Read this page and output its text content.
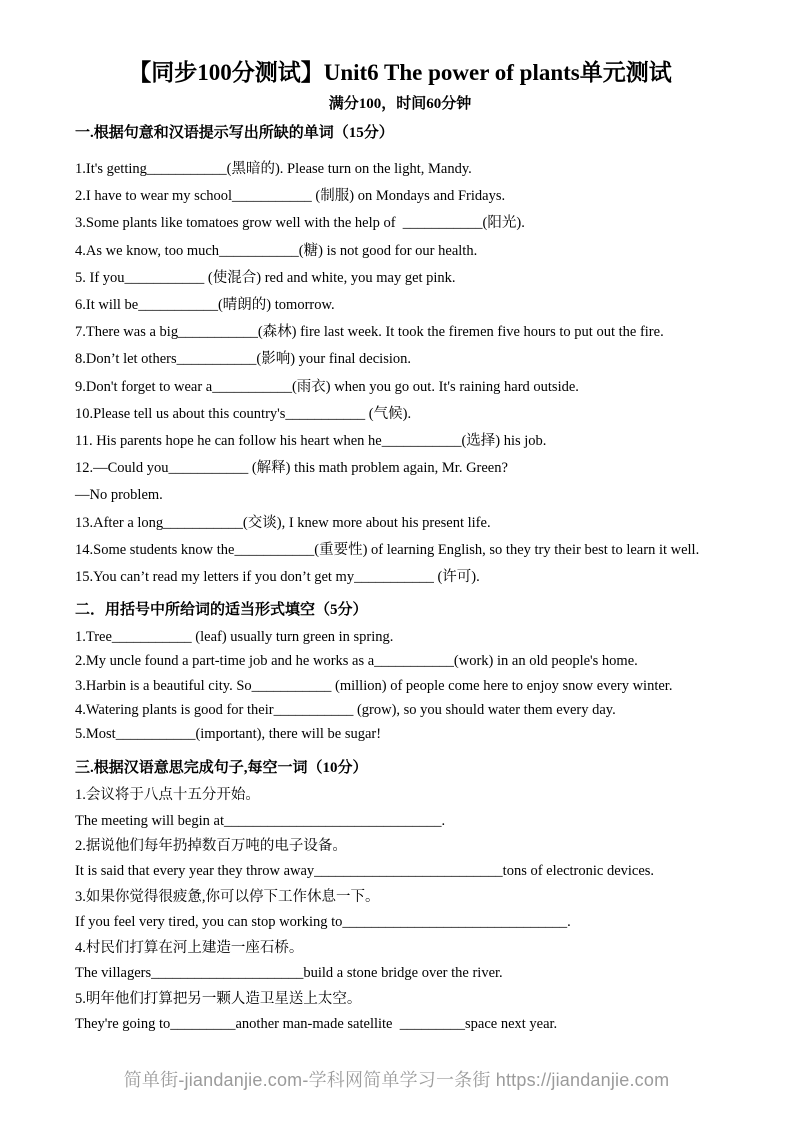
【同步100分测试】Unit6 The power of plants单元测试
满分100，时间60分钟
一.根据句意和汉语提示写出所缺的单词（15分）
1.It's getting___________(黑暗的). Please turn on the light, Mandy.
2.I have to wear my school___________ (制服) on Mondays and Fridays.
3.Some plants like tomatoes grow well with the help of  ___________(阳光).
4.As we know, too much___________(糖) is not good for our health.
5. If you___________ (使混合) red and white, you may get pink.
6.It will be___________(晴朗的) tomorrow.
7.There was a big___________(森林) fire last week. It took the firemen five hours to put out the fire.
8.Don’t let others___________(影响) your final decision.
9.Don't forget to wear a___________(雨衣) when you go out. It's raining hard outside.
10.Please tell us about this country's___________ (气候).
11. His parents hope he can follow his heart when he___________(选择) his job.
12.—Could you___________ (解释) this math problem again, Mr. Green?
—No problem.
13.After a long___________(交谈), I knew more about his present life.
14.Some students know the___________(重要性) of learning English, so they try their best to learn it well.
15.You can’t read my letters if you don’t get my___________ (许可).
二．用括号中所给词的适当形式填空（5分）
1.Tree___________ (leaf) usually turn green in spring.
2.My uncle found a part-time job and he works as a___________(work) in an old people's home.
3.Harbin is a beautiful city. So___________ (million) of people come here to enjoy snow every winter.
4.Watering plants is good for their___________ (grow), so you should water them every day.
5.Most___________(important), there will be sugar!
三.根据汉语意思完成句子,每空一词（10分）
1.会议将于八点十五分开始。
The meeting will begin at______________________________.
2.据说他们每年扔掉数百万吨的电子设备。
It is said that every year they throw away__________________________tons of electronic devices.
3.如果你觉得很疲惫,你可以停下工作休息一下。
If you feel very tired, you can stop working to_______________________________.
4.村民们打算在河上建造一座石桥。
The villagers_____________________build a stone bridge over the river.
5.明年他们打算把另一颗人造卫星送上太空。
They're going to_________another man-made satellite  _________space next year.
简单街-jiandanjie.com-学科网简单学习一条街 https://jiandanjie.com
